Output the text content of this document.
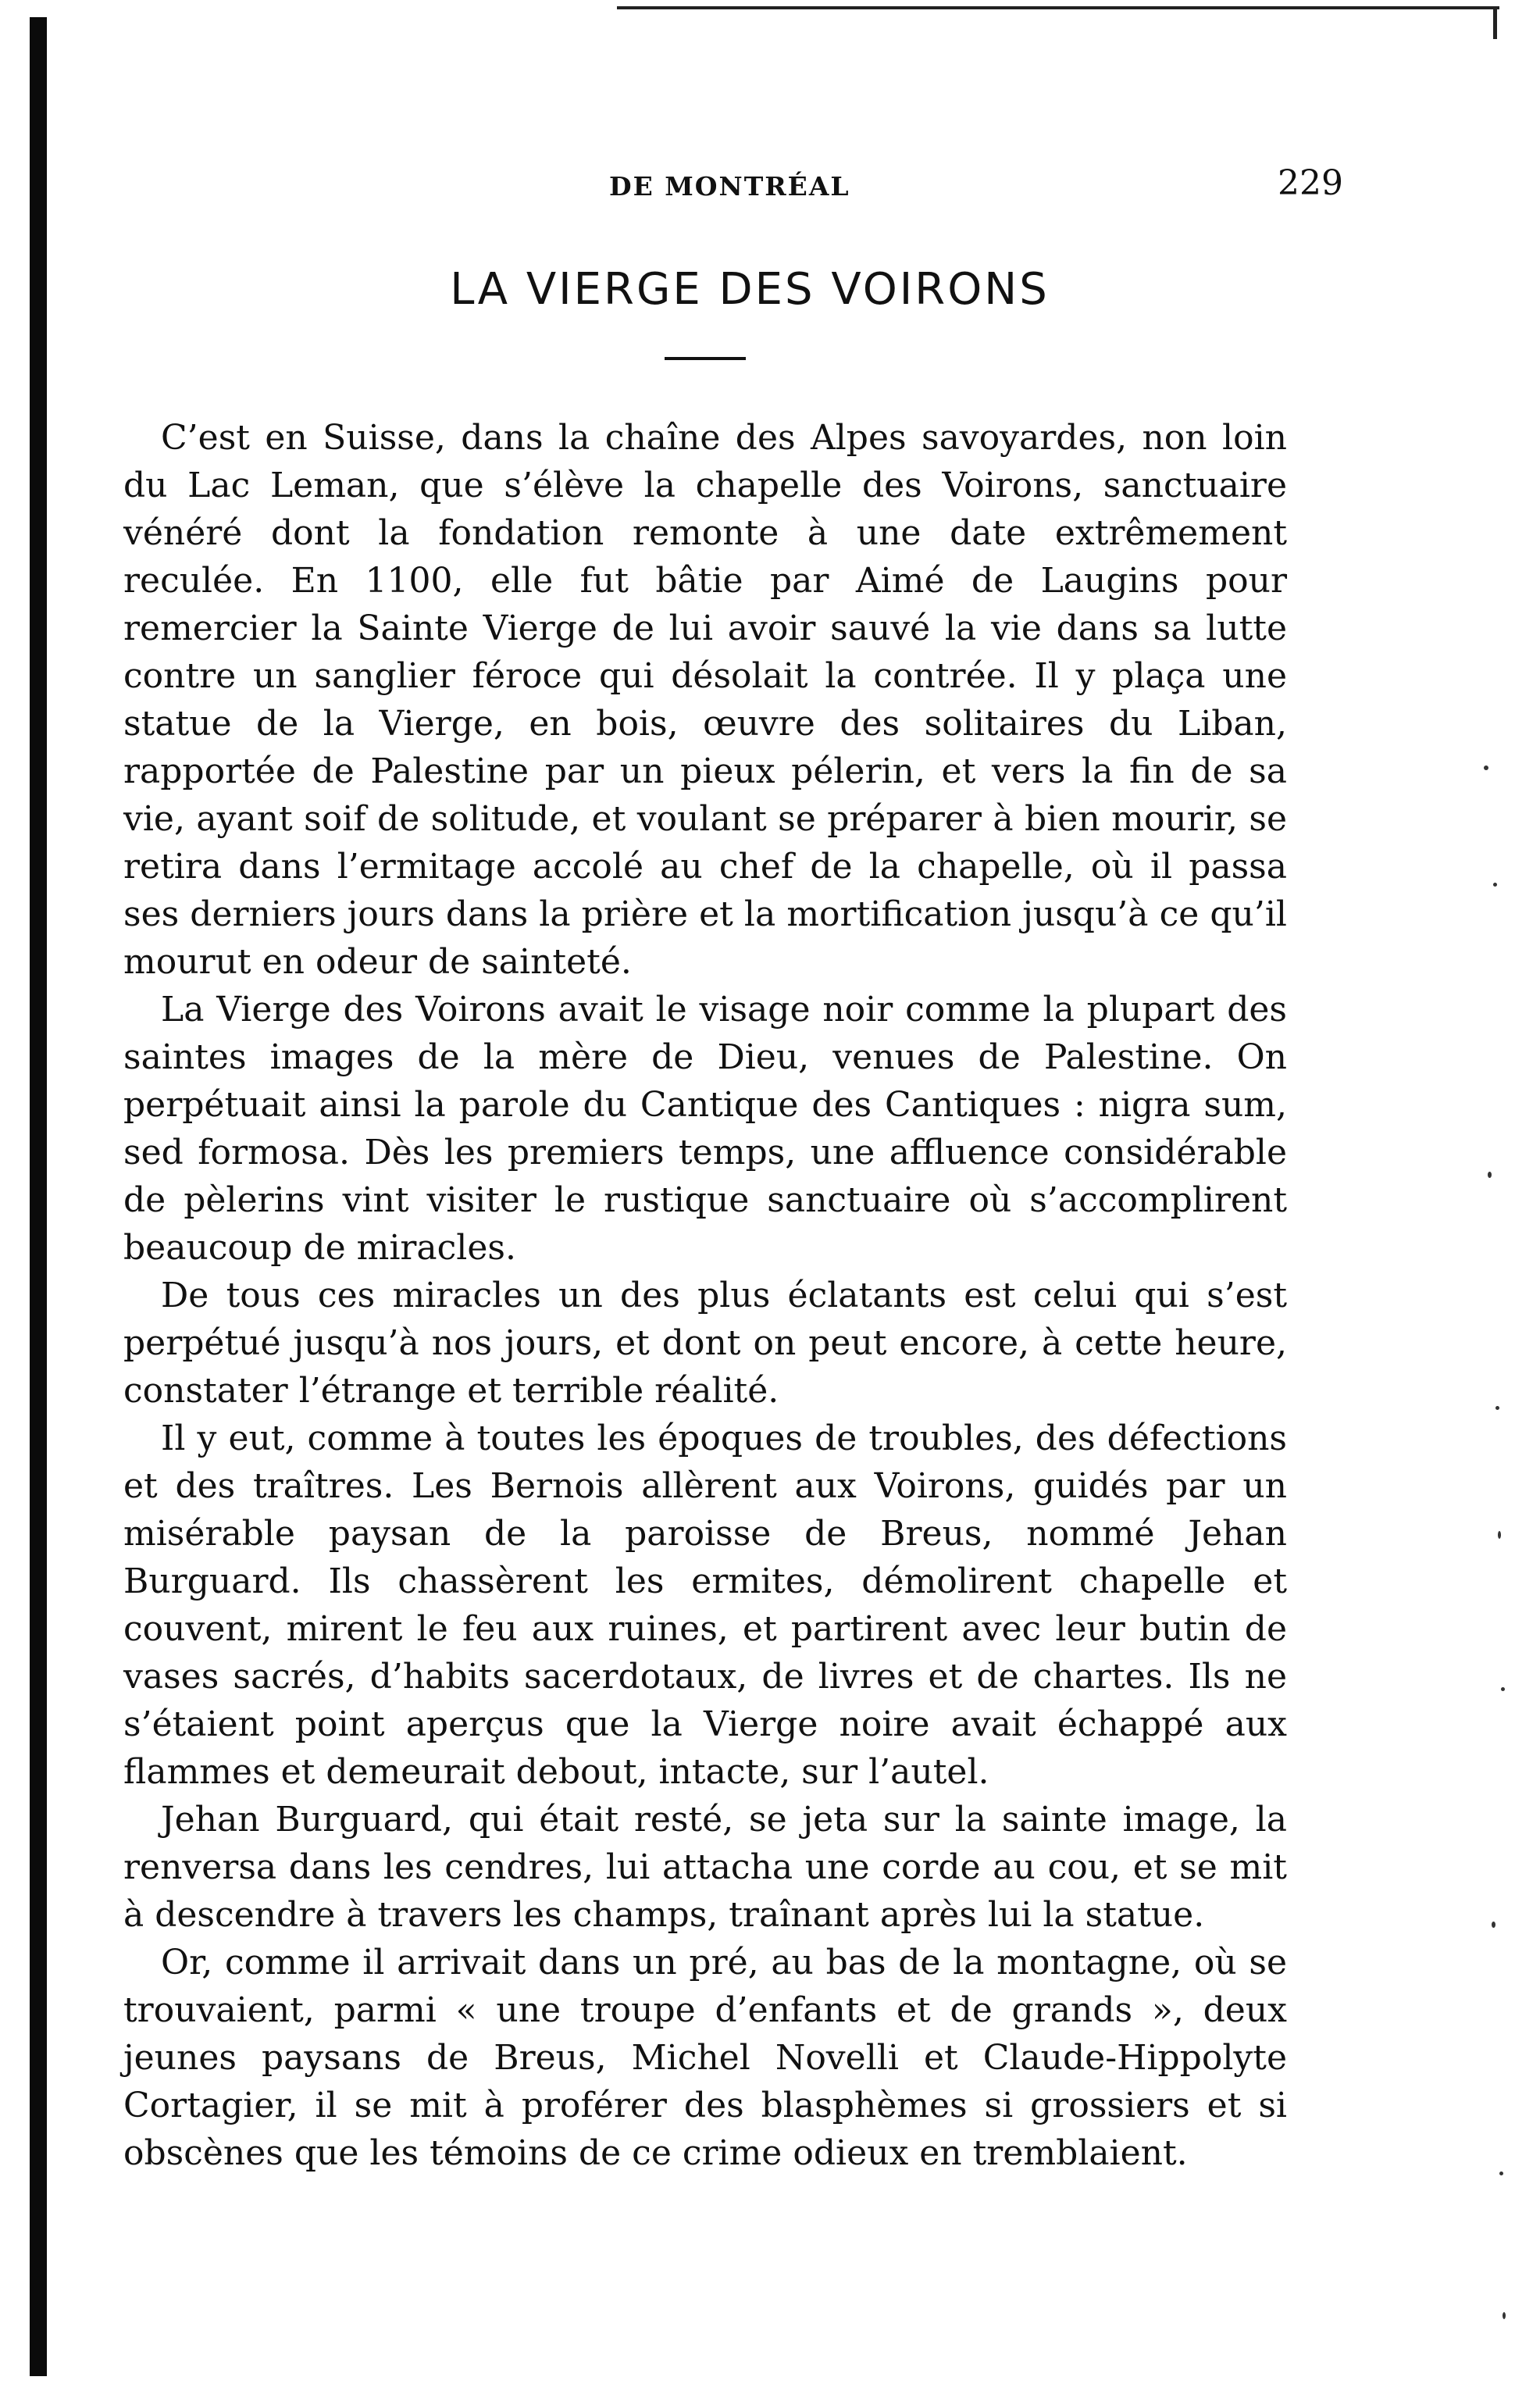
DE MONTRÉAL	229
LA VIERGE DES VOIRONS

C’est en Suisse, dans la chaîne des Alpes savoyardes, non loin du Lac Leman, que s’élève la chapelle des Voirons, sanctuaire vénéré dont la fondation remonte à une date extrêmement reculée. En 1100, elle fut bâtie par Aimé de Laugins pour remercier la Sainte Vierge de lui avoir sauvé la vie dans sa lutte contre un sanglier féroce qui désolait la contrée. Il y plaça une statue de la Vierge, en bois, œuvre des solitaires du Liban, rapportée de Palestine par un pieux pélerin, et vers la fin de sa vie, ayant soif de solitude, et voulant se préparer à bien mourir, se retira dans l’ermitage accolé au chef de la chapelle, où il passa ses derniers jours dans la prière et la mortification jusqu’à ce qu’il mourut en odeur de sainteté.

La Vierge des Voirons avait le visage noir comme la plupart des saintes images de la mère de Dieu, venues de Palestine. On perpétuait ainsi la parole du Cantique des Cantiques : nigra sum, sed formosa. Dès les premiers temps, une affluence considérable de pèlerins vint visiter le rustique sanctuaire où s’accomplirent beaucoup de miracles.

De tous ces miracles un des plus éclatants est celui qui s’est perpétué jusqu’à nos jours, et dont on peut encore, à cette heure, constater l’étrange et terrible réalité.

Il y eut, comme à toutes les époques de troubles, des défections et des traîtres. Les Bernois allèrent aux Voirons, guidés par un misérable paysan de la paroisse de Breus, nommé Jehan Burguard. Ils chassèrent les ermites, démolirent chapelle et couvent, mirent le feu aux ruines, et partirent avec leur butin de vases sacrés, d’habits sacerdotaux, de livres et de chartes. Ils ne s’étaient point aperçus que la Vierge noire avait échappé aux flammes et demeurait debout, intacte, sur l’autel.

Jehan Burguard, qui était resté, se jeta sur la sainte image, la renversa dans les cendres, lui attacha une corde au cou, et se mit à descendre à travers les champs, traînant après lui la statue.

Or, comme il arrivait dans un pré, au bas de la montagne, où se trouvaient, parmi « une troupe d’enfants et de grands », deux jeunes paysans de Breus, Michel Novelli et Claude-Hippolyte Cortagier, il se mit à proférer des blasphèmes si grossiers et si obscènes que les témoins de ce crime odieux en tremblaient.
